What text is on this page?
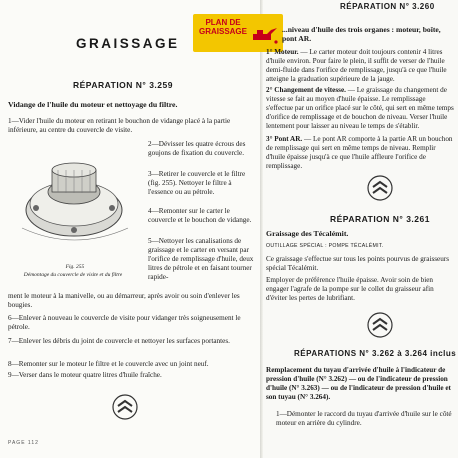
GRAISSAGE
RÉPARATION N° 3.259
Vidange de l'huile du moteur et nettoyage du filtre.
1—Vider l'huile du moteur en retirant le bouchon de vidange placé à la partie inférieure, au centre du couvercle de visite.
Fig. 255
Démontage du couvercle de visite et du filtre
2—Dévisser les quatre écrous des goujons de fixation du couvercle.
3—Retirer le couvercle et le filtre (fig. 255). Nettoyer le filtre à l'essence ou au pétrole.
4—Remonter sur le carter le couvercle et le bouchon de vidange.
5—Nettoyer les canalisations de graissage et le carter en versant par l'orifice de remplissage d'huile, deux litres de pétrole et en faisant tourner rapide-
ment le moteur à la manivelle, ou au démarreur, après avoir ou soin d'enlever les bougies.
6—Enlever à nouveau le couvercle de visite pour vidanger très soigneusement le pétrole.
7—Enlever les débris du joint de couvercle et nettoyer les surfaces portantes.
8—Remonter sur le moteur le filtre et le couvercle avec un joint neuf.
9—Verser dans le moteur quatre litres d'huile fraîche.
PAGE 112
PLAN DE
GRAISSAGE
RÉPARATION N° 3.260
...niveau d'huile des trois organes : moteur, boîte, pont AR.
1° Moteur. — Le carter moteur doit toujours contenir 4 litres d'huile environ. Pour faire le plein, il suffit de verser de l'huile demi-fluide dans l'orifice de remplissage, jusqu'à ce que l'huile atteigne la graduation supérieure de la jauge.
2° Changement de vitesse. — Le graissage du changement de vitesse se fait au moyen d'huile épaisse. Le remplissage s'effectue par un orifice placé sur le côté, qui sert en même temps d'orifice de remplissage et de bouchon de niveau. Verser l'huile lentement pour laisser au niveau le temps de s'établir.
3° Pont AR. — Le pont AR comporte à la partie AR un bouchon de remplissage qui sert en même temps de niveau. Remplir d'huile épaisse jusqu'à ce que l'huile affleure l'orifice de remplissage.
RÉPARATION N° 3.261
Graissage des Técalémit.
OUTILLAGE SPÉCIAL : POMPE TÉCALÉMIT.
Ce graissage s'effectue sur tous les points pourvus de graisseurs spécial Técalémit.
Employer de préférence l'huile épaisse. Avoir soin de bien engager l'agrafe de la pompe sur le collet du graisseur afin d'éviter les pertes de lubrifiant.
RÉPARATIONS N° 3.262 à 3.264 inclus
Remplacement du tuyau d'arrivée d'huile à l'indicateur de pression d'huile (N° 3.262) — ou de l'indicateur de pression d'huile (N° 3.263) — ou de l'indicateur de pression d'huile et son tuyau (N° 3.264).
1—Démonter le raccord du tuyau d'arrivée d'huile sur le côté moteur en arrière du cylindre.
